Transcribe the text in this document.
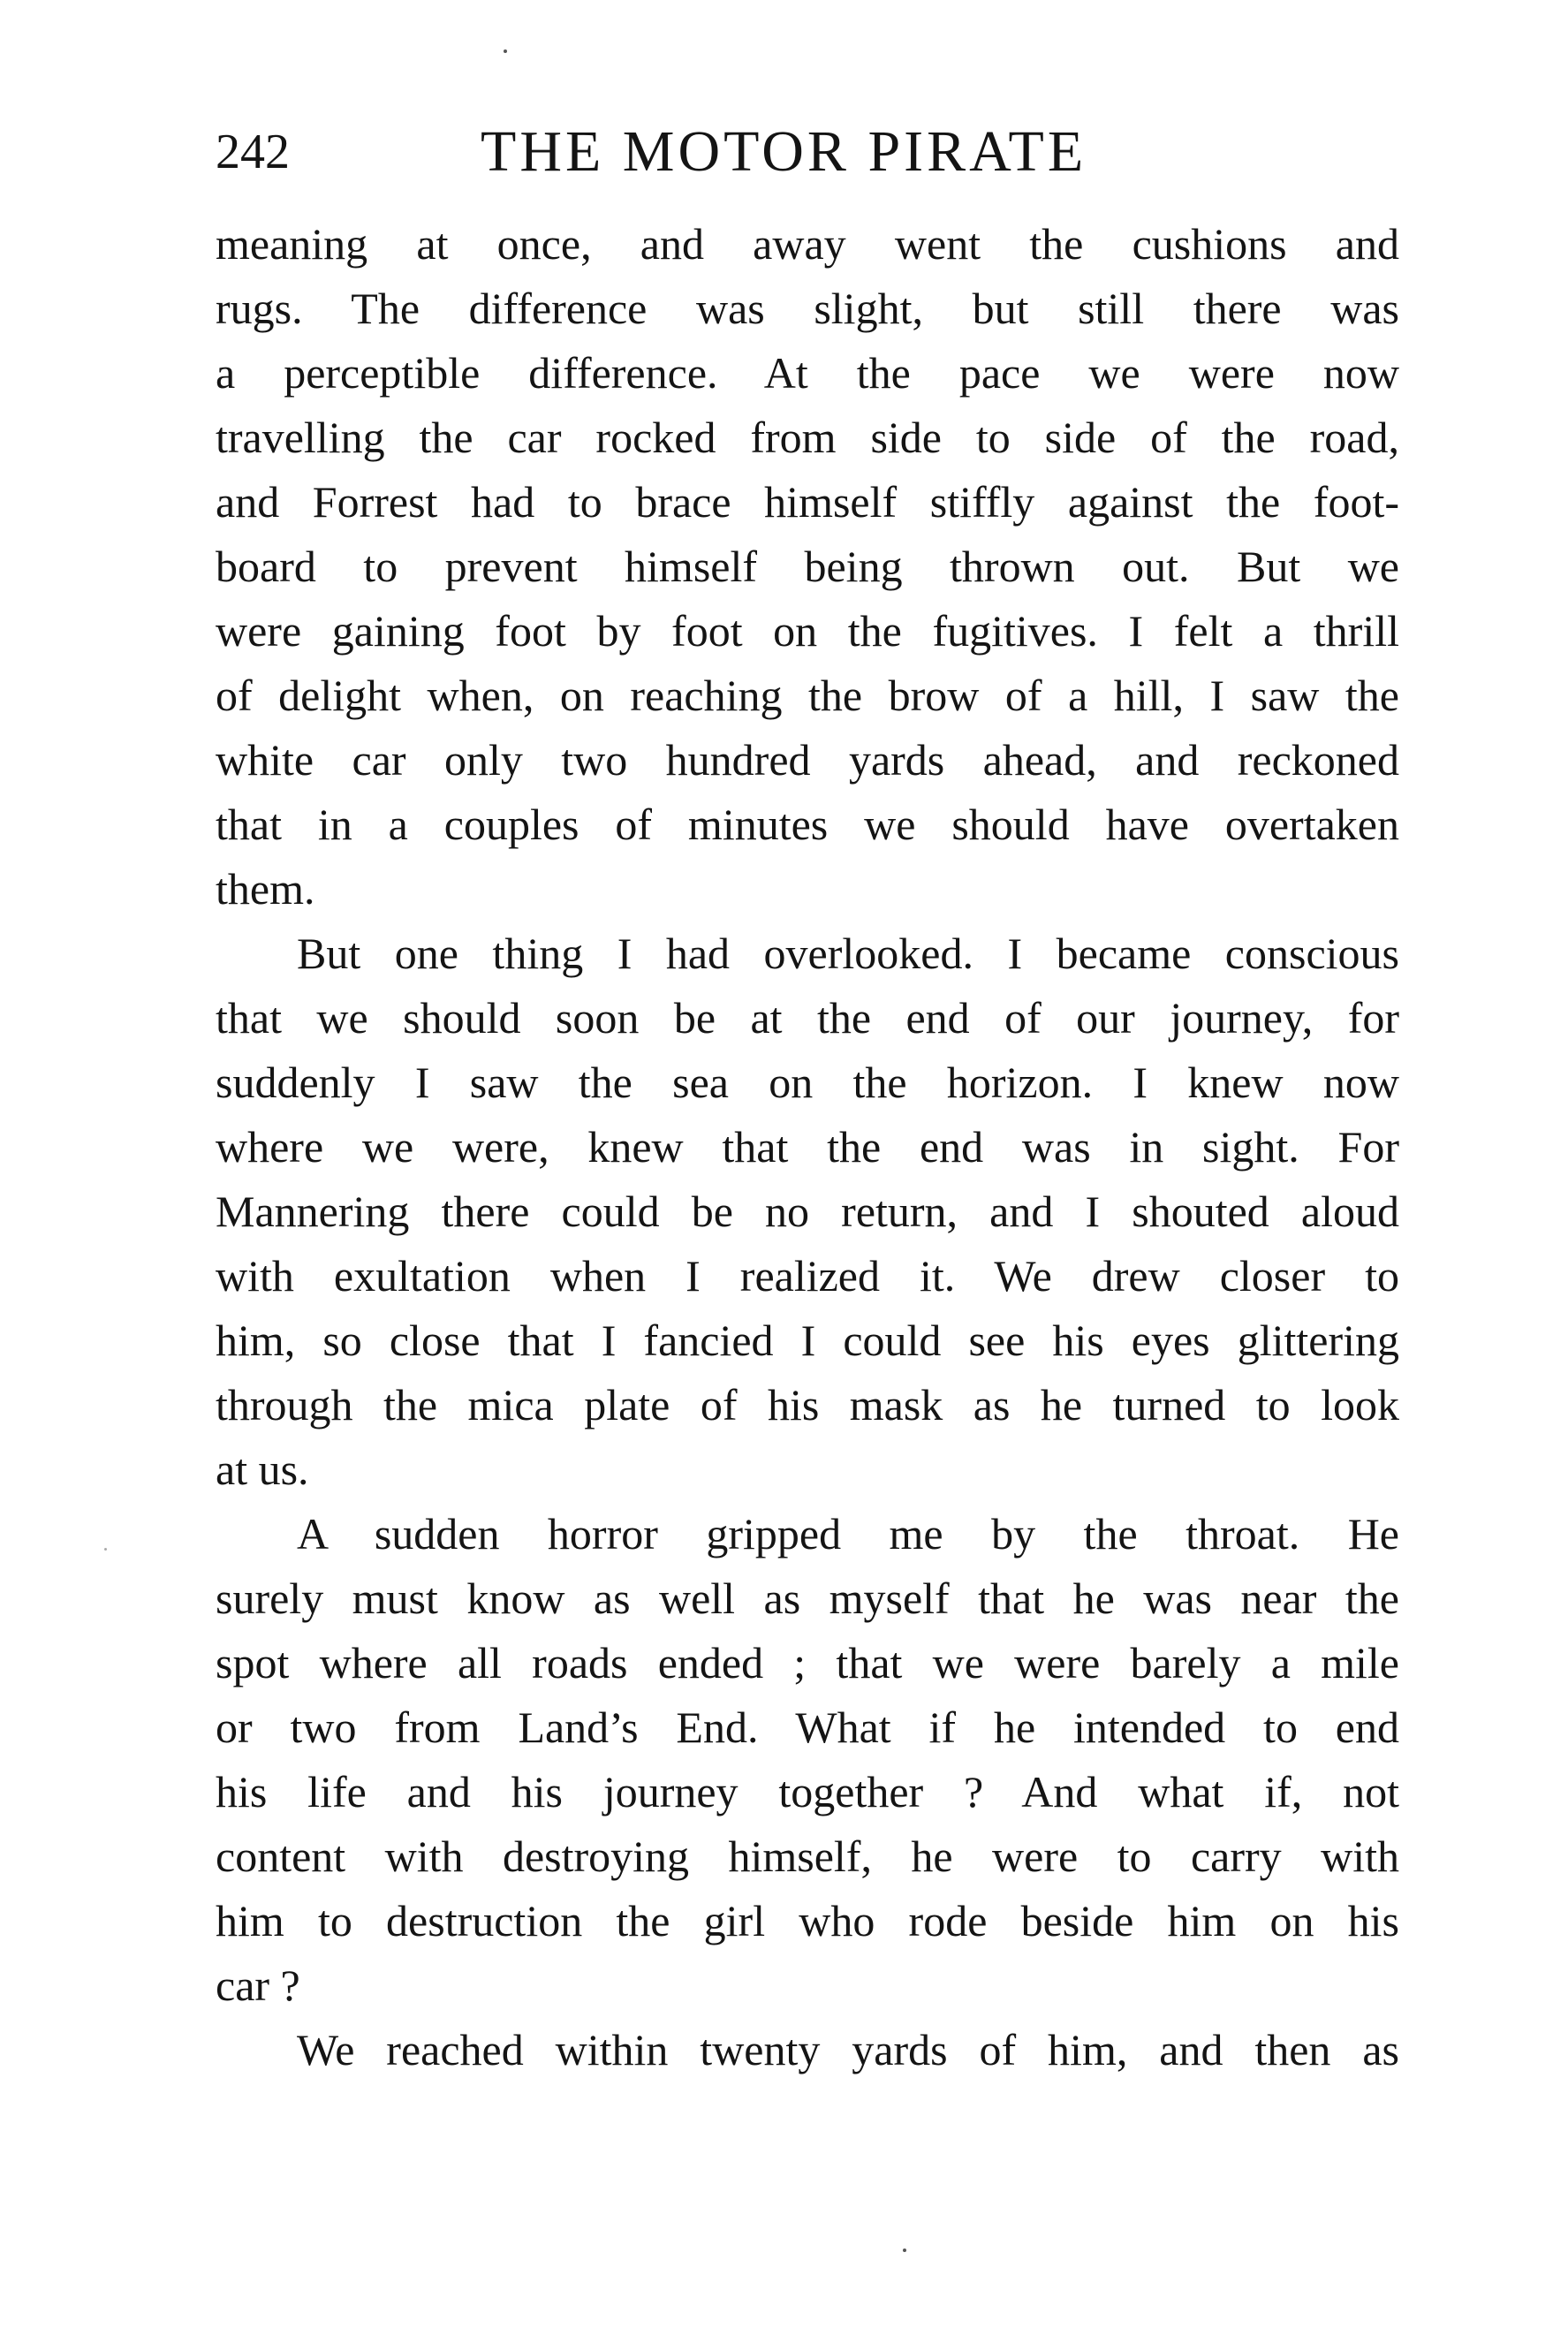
242	THE MOTOR PIRATE
meaning at once, and away went the cushions and
rugs. The difference was slight, but still there was
a perceptible difference. At the pace we were now
travelling the car rocked from side to side of the road,
and Forrest had to brace himself stiffly against the foot-
board to prevent himself being thrown out. But we
were gaining foot by foot on the fugitives. I felt a thrill
of delight when, on reaching the brow of a hill, I saw the
white car only two hundred yards ahead, and reckoned
that in a couples of minutes we should have overtaken
them.
But one thing I had overlooked. I became conscious
that we should soon be at the end of our journey, for
suddenly I saw the sea on the horizon. I knew now
where we were, knew that the end was in sight. For
Mannering there could be no return, and I shouted aloud
with exultation when I realized it. We drew closer to
him, so close that I fancied I could see his eyes glittering
through the mica plate of his mask as he turned to look
at us.
A sudden horror gripped me by the throat. He
surely must know as well as myself that he was near the
spot where all roads ended ; that we were barely a mile
or two from Land’s End. What if he intended to end
his life and his journey together ? And what if, not
content with destroying himself, he were to carry with
him to destruction the girl who rode beside him on his
car ?
We reached within twenty yards of him, and then as
